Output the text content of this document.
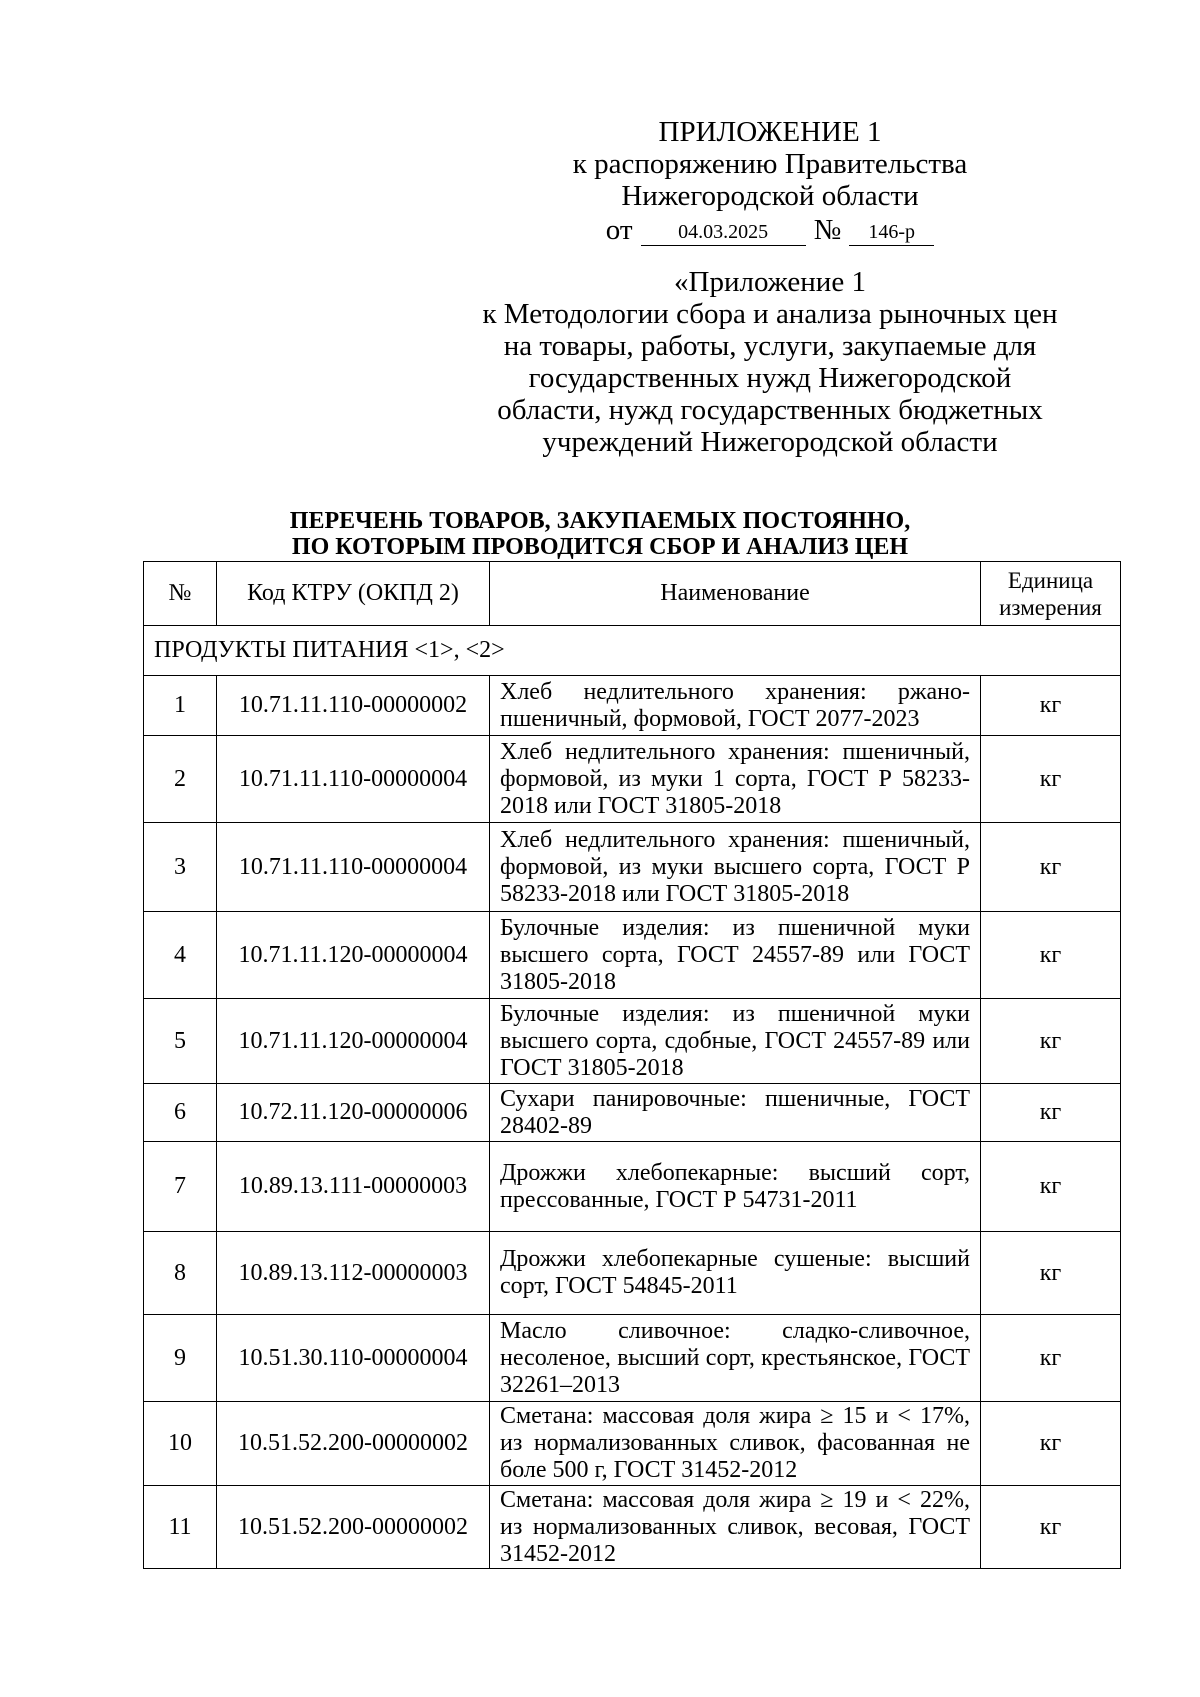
ПРИЛОЖЕНИЕ 1
к распоряжению Правительства
Нижегородской области
от	04.03.2025	№	146-р
«Приложение 1
к Методологии сбора и анализа рыночных цен
на товары, работы, услуги, закупаемые для
государственных нужд Нижегородской
области, нужд государственных бюджетных
учреждений Нижегородской области
ПЕРЕЧЕНЬ ТОВАРОВ, ЗАКУПАЕМЫХ ПОСТОЯННО,
ПО КОТОРЫМ ПРОВОДИТСЯ СБОР И АНАЛИЗ ЦЕН
№	Код КТРУ (ОКПД 2)	Наименование	Единица измерения
ПРОДУКТЫ ПИТАНИЯ <1>, <2>			
1	10.71.11.110-00000002	Хлеб недлительного хранения: ржано-пшеничный, формовой, ГОСТ 2077-2023	кг
2	10.71.11.110-00000004	Хлеб недлительного хранения: пшеничный, формовой, из муки 1 сорта, ГОСТ Р 58233-2018 или ГОСТ 31805-2018	кг
3	10.71.11.110-00000004	Хлеб недлительного хранения: пшеничный, формовой, из муки высшего сорта, ГОСТ Р 58233-2018 или ГОСТ 31805-2018	кг
4	10.71.11.120-00000004	Булочные изделия: из пшеничной муки высшего сорта, ГОСТ 24557-89 или ГОСТ 31805-2018	кг
5	10.71.11.120-00000004	Булочные изделия: из пшеничной муки высшего сорта, сдобные, ГОСТ 24557-89 или ГОСТ 31805-2018	кг
6	10.72.11.120-00000006	Сухари панировочные: пшеничные, ГОСТ 28402-89	кг
7	10.89.13.111-00000003	Дрожжи хлебопекарные: высший сорт, прессованные, ГОСТ Р 54731-2011	кг
8	10.89.13.112-00000003	Дрожжи хлебопекарные сушеные: высший сорт, ГОСТ 54845-2011	кг
9	10.51.30.110-00000004	Масло сливочное: сладко-сливочное, несоленое, высший сорт, крестьянское, ГОСТ 32261–2013	кг
10	10.51.52.200-00000002	Сметана: массовая доля жира ≥ 15 и < 17%, из нормализованных сливок, фасованная не боле 500 г, ГОСТ 31452-2012	кг
11	10.51.52.200-00000002	Сметана: массовая доля жира ≥ 19 и < 22%, из нормализованных сливок, весовая, ГОСТ 31452-2012	кг
